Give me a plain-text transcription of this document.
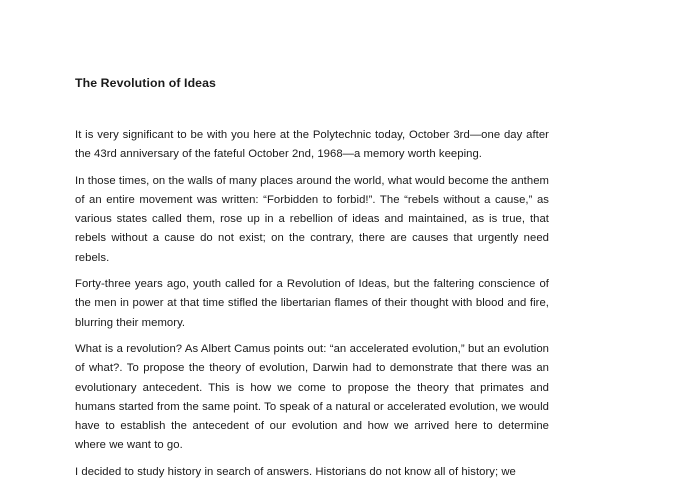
The Revolution of Ideas

It is very significant to be with you here at the Polytechnic today, October 3rd—one day after the 43rd anniversary of the fateful October 2nd, 1968—a memory worth keeping.

In those times, on the walls of many places around the world, what would become the anthem of an entire movement was written: “Forbidden to forbid!”. The “rebels without a cause,” as various states called them, rose up in a rebellion of ideas and maintained, as is true, that rebels without a cause do not exist; on the contrary, there are causes that urgently need rebels.

Forty-three years ago, youth called for a Revolution of Ideas, but the faltering conscience of the men in power at that time stifled the libertarian flames of their thought with blood and fire, blurring their memory.

What is a revolution? As Albert Camus points out: “an accelerated evolution,” but an evolution of what?. To propose the theory of evolution, Darwin had to demonstrate that there was an evolutionary antecedent. This is how we come to propose the theory that primates and humans started from the same point. To speak of a natural or accelerated evolution, we would have to establish the antecedent of our evolution and how we arrived here to determine where we want to go.

I decided to study history in search of answers. Historians do not know all of history; we
